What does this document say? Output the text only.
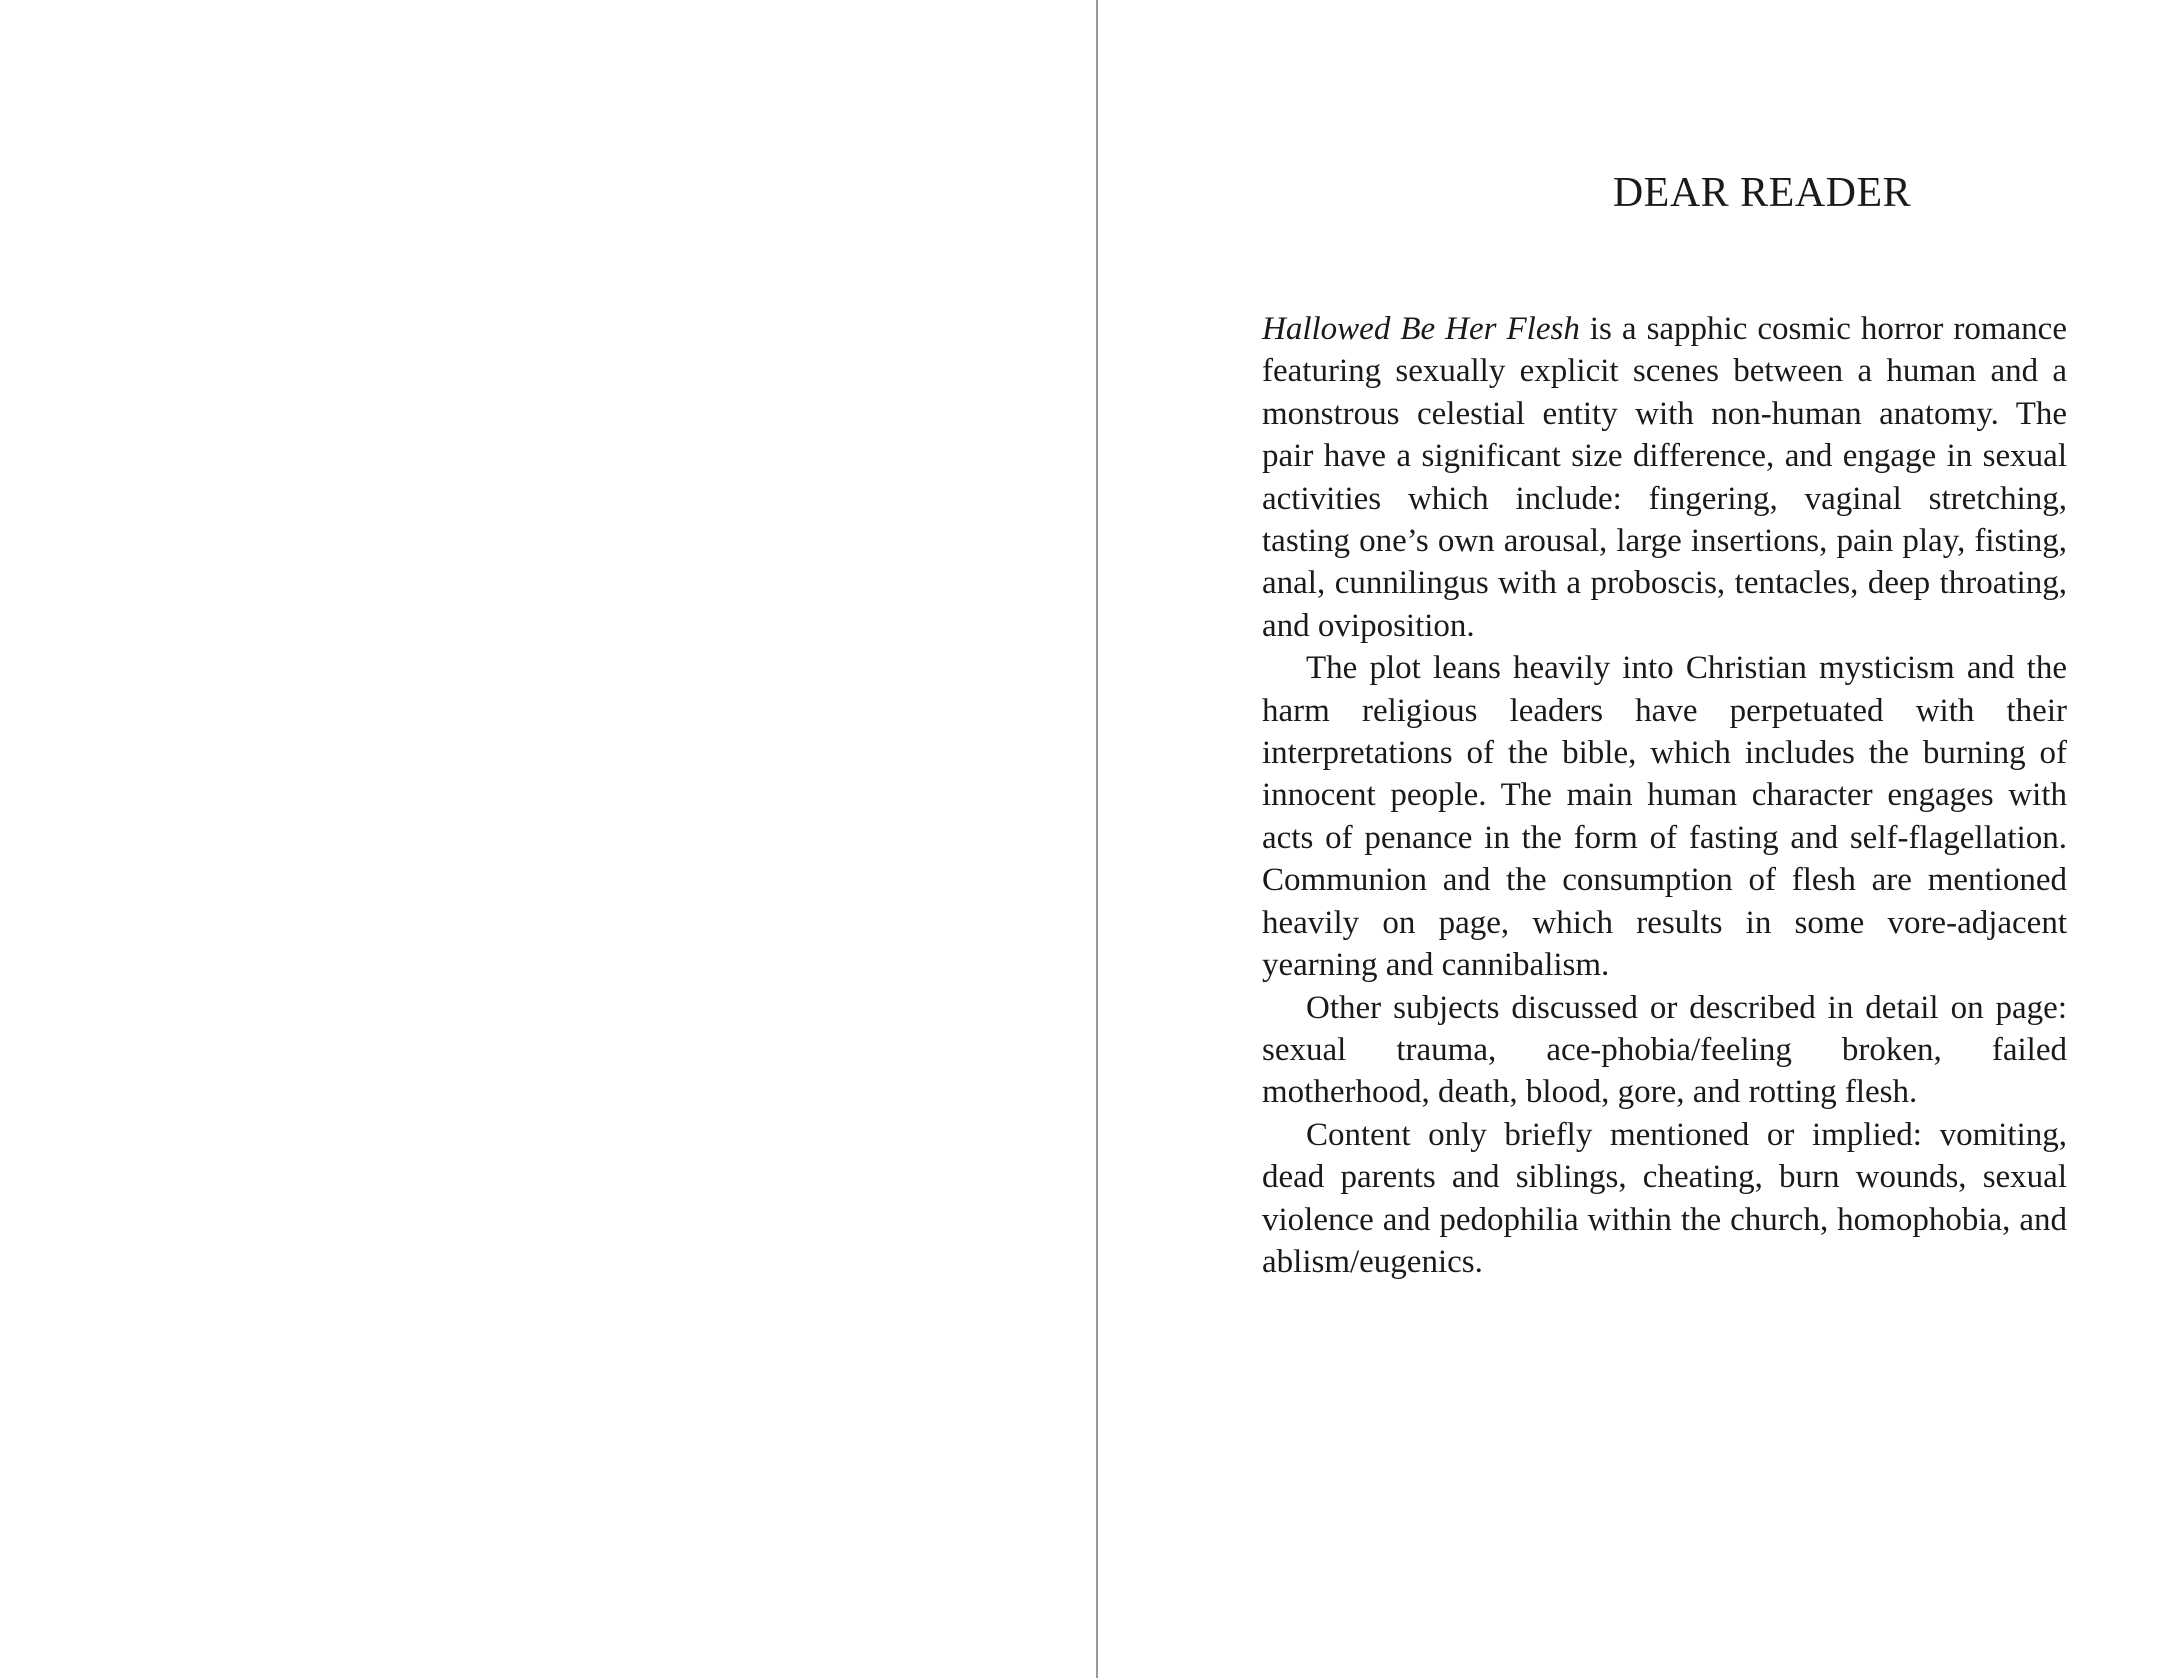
DEAR READER

Hallowed Be Her Flesh is a sapphic cosmic horror romance featuring sexually explicit scenes between a human and a monstrous celestial entity with non-human anatomy. The pair have a significant size difference, and engage in sexual activities which include: fingering, vaginal stretching, tasting one’s own arousal, large insertions, pain play, fisting, anal, cunnilingus with a proboscis, tentacles, deep throating, and oviposition.

The plot leans heavily into Christian mysticism and the harm religious leaders have perpetuated with their interpretations of the bible, which includes the burning of innocent people. The main human character engages with acts of penance in the form of fasting and self-flagellation. Communion and the consumption of flesh are mentioned heavily on page, which results in some vore-adjacent yearning and cannibalism.

Other subjects discussed or described in detail on page: sexual trauma, ace-phobia/feeling broken, failed motherhood, death, blood, gore, and rotting flesh.

Content only briefly mentioned or implied: vomiting, dead parents and siblings, cheating, burn wounds, sexual violence and pedophilia within the church, homophobia, and ablism/eugenics.
